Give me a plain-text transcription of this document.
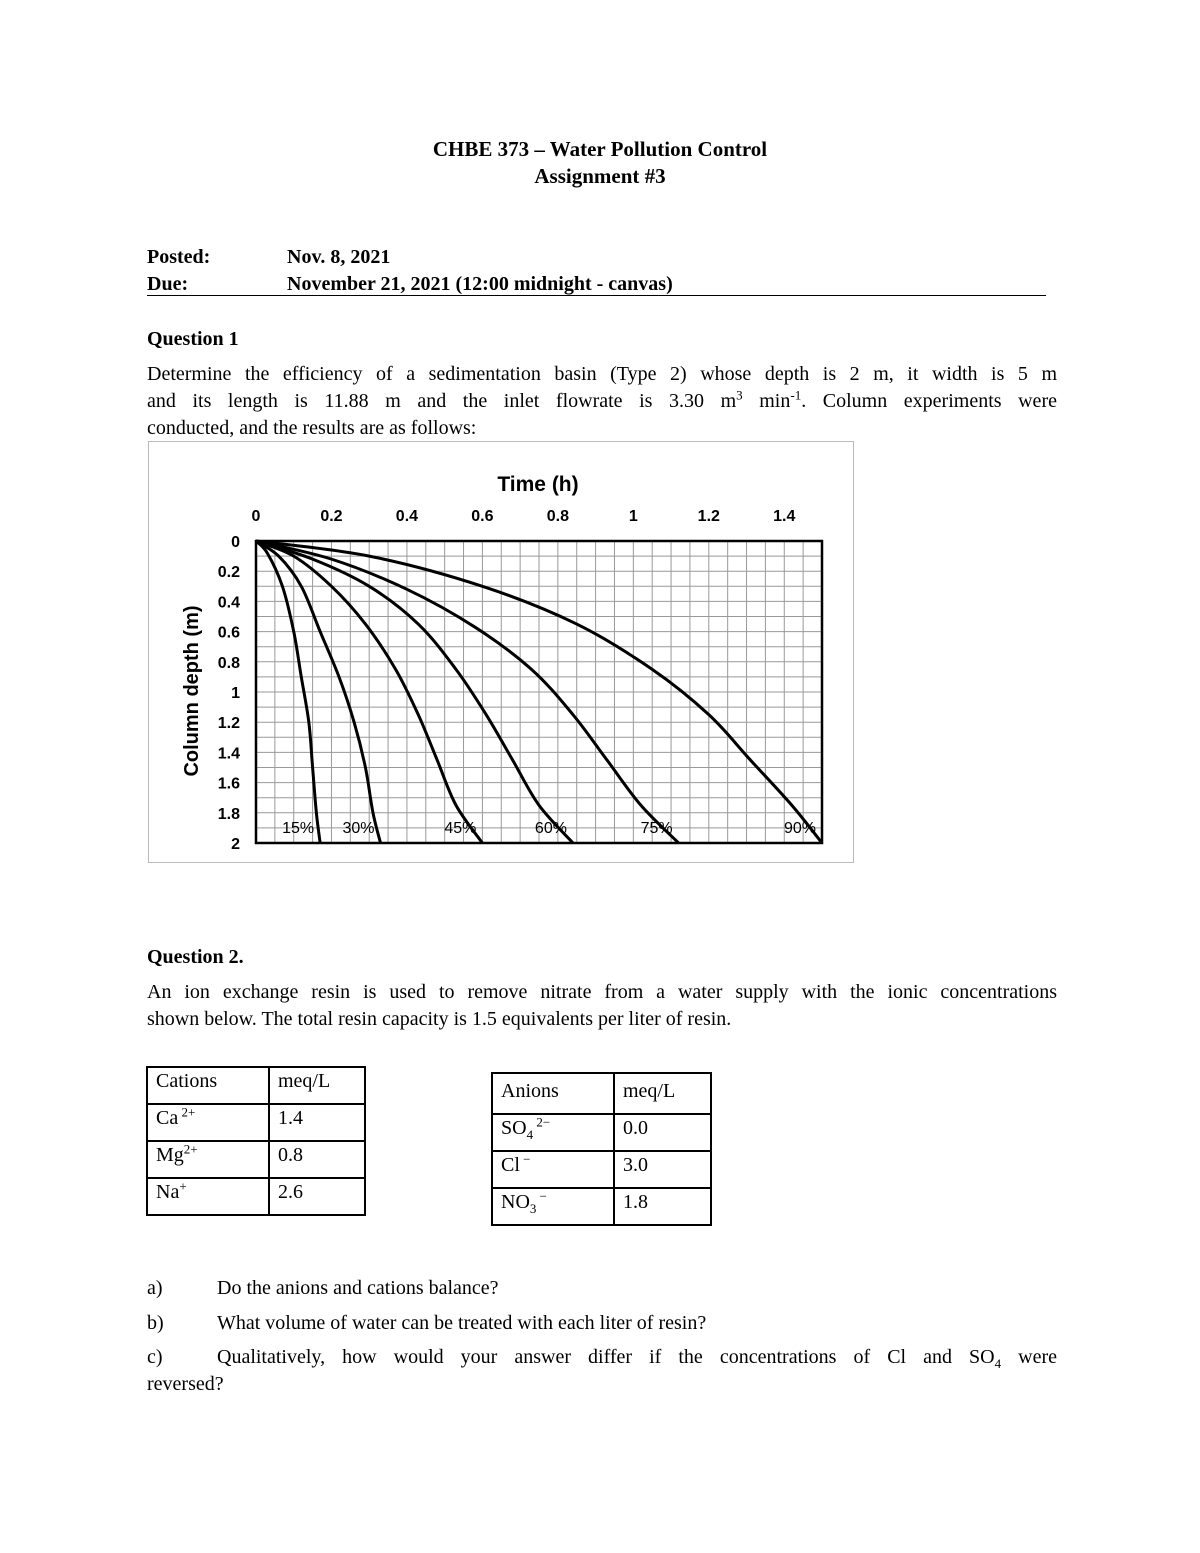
CHBE 373 – Water Pollution Control
Assignment #3
Posted:	Nov. 8, 2021
Due:	November 21, 2021 (12:00 midnight - canvas)
Question 1
Determine the efficiency of a sedimentation basin (Type 2) whose depth is 2 m, it width is 5 m
and its length is 11.88 m and the inlet flowrate is 3.30 $m^3$ $\min^{-1}$. Column experiments were
conducted, and the results are as follows:
Time (h)
Column depth (m)
0	0.2	0.4	0.6	0.8	1	1.2	1.4
0
0.2
0.4
0.6
0.8
1
1.2
1.4
1.6
1.8
2
15% 30%	45%	60%	75%	90%
Question 2.
An ion exchange resin is used to remove nitrate from a water supply with the ionic concentrations
shown below. The total resin capacity is 1.5 equivalents per liter of resin.
Cations	meq/L
Ca $^{2+}$	1.4
$Mg^{2+}$	0.8
Na+	2.6
Anions	meq/L
$SO_4$ $^{2-}$	0.0
Cl −	3.0
$NO_3$ −	1.8
a)	Do the anions and cations balance?
b)	What volume of water can be treated with each liter of resin?
c)	Qualitatively, how would your answer differ if the concentrations of Cl and $SO_4$ were
reversed?
